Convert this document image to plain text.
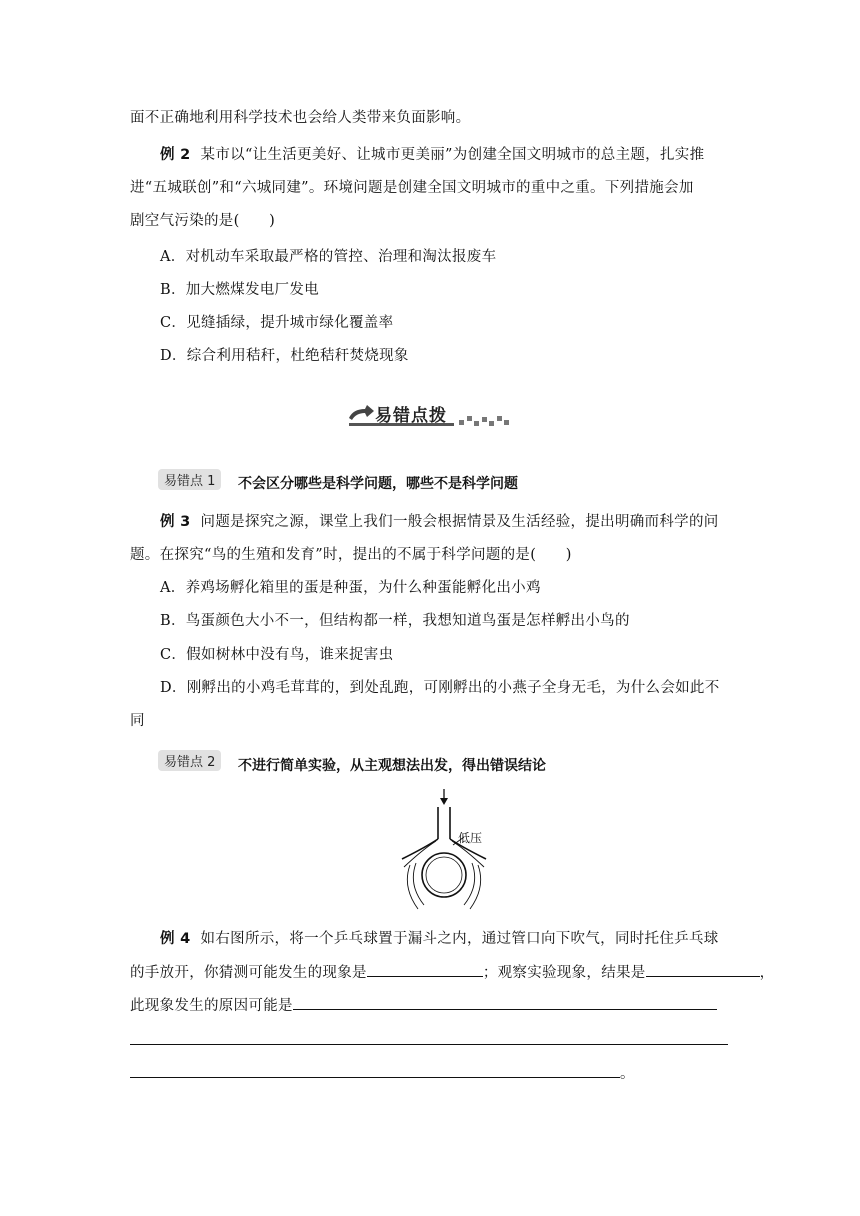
面不正确地利用科学技术也会给人类带来负面影响。
例 2 某市以“让生活更美好、让城市更美丽”为创建全国文明城市的总主题，扎实推
进“五城联创”和“六城同建”。环境问题是创建全国文明城市的重中之重。下列措施会加
剧空气污染的是(　　)
A．对机动车采取最严格的管控、治理和淘汰报废车
B．加大燃煤发电厂发电
C．见缝插绿，提升城市绿化覆盖率
D．综合利用秸秆，杜绝秸秆焚烧现象
易错点拨
易错点 1	不会区分哪些是科学问题，哪些不是科学问题
例 3 问题是探究之源，课堂上我们一般会根据情景及生活经验，提出明确而科学的问
题。在探究“鸟的生殖和发育”时，提出的不属于科学问题的是(　　)
A．养鸡场孵化箱里的蛋是种蛋，为什么种蛋能孵化出小鸡
B．鸟蛋颜色大小不一，但结构都一样，我想知道鸟蛋是怎样孵出小鸟的
C．假如树林中没有鸟，谁来捉害虫
D．刚孵出的小鸡毛茸茸的，到处乱跑，可刚孵出的小燕子全身无毛，为什么会如此不
同
易错点 2	不进行简单实验，从主观想法出发，得出错误结论
低压
例 4 如右图所示，将一个乒乓球置于漏斗之内，通过管口向下吹气，同时托住乒乓球
的手放开，你猜测可能发生的现象是	；观察实验现象，结果是	，
此现象发生的原因可能是
。
